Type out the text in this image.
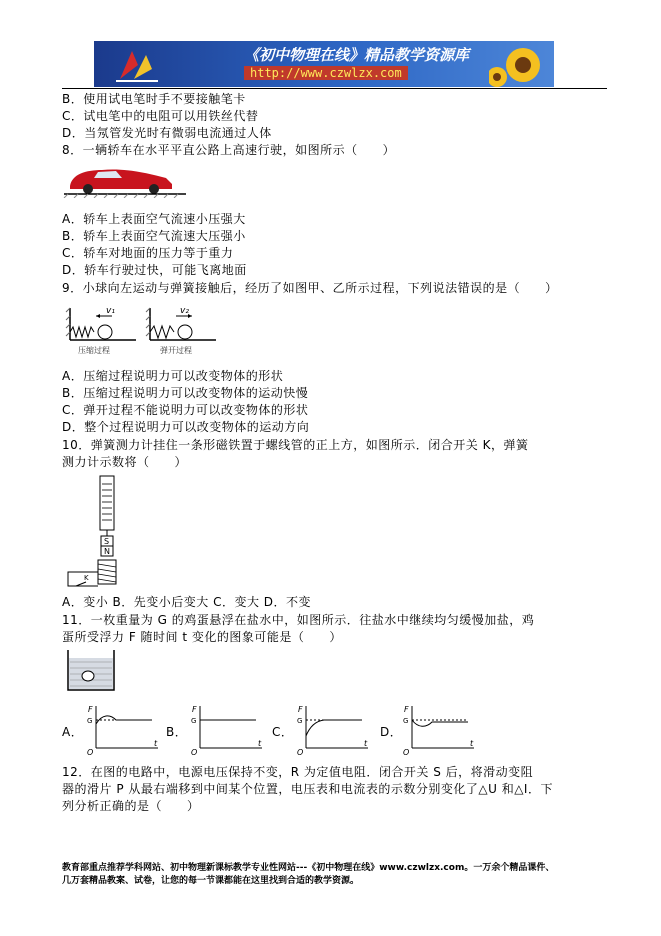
《初中物理在线》精品教学资源库
http://www.czwlzx.com
B．使用试电笔时手不要接触笔卡
C．试电笔中的电阻可以用铁丝代替
D．当氖管发光时有微弱电流通过人体
8．一辆轿车在水平平直公路上高速行驶，如图所示（　　）
A．轿车上表面空气流速小压强大
B．轿车上表面空气流速大压强小
C．轿车对地面的压力等于重力
D．轿车行驶过快，可能飞离地面
9．小球向左运动与弹簧接触后，经历了如图甲、乙所示过程，下列说法错误的是（　　）
v₁
压缩过程
v₂
弹开过程
A．压缩过程说明力可以改变物体的形状
B．压缩过程说明力可以改变物体的运动快慢
C．弹开过程不能说明力可以改变物体的形状
D．整个过程说明力可以改变物体的运动方向
10．弹簧测力计挂住一条形磁铁置于螺线管的正上方，如图所示．闭合开关 K，弹簧
测力计示数将（　　）
S
N
K
A．变小 B．先变小后变大 C．变大 D．不变
11．一枚重量为 G 的鸡蛋悬浮在盐水中，如图所示．往盐水中继续均匀缓慢加盐，鸡
蛋所受浮力 F 随时间 t 变化的图象可能是（　　）
A．
F
G
t
O
B．
F
G
t
O
C．
F
G
t
O
D．
F
G
t
O
12．在图的电路中，电源电压保持不变，R 为定值电阻．闭合开关 S 后，将滑动变阻
器的滑片 P 从最右端移到中间某个位置，电压表和电流表的示数分别变化了△U 和△I．下
列分析正确的是（　　）
教育部重点推荐学科网站、初中物理新课标教学专业性网站---《初中物理在线》www.czwlzx.com。一万余个精品课件、
几万套精品教案、试卷，让您的每一节课都能在这里找到合适的教学资源。
